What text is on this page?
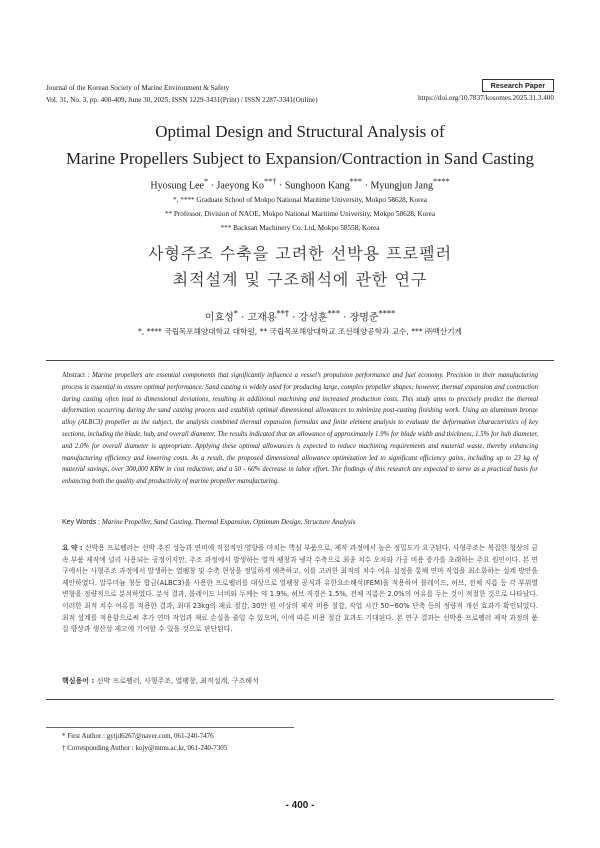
Journal of the Korean Society of Marine Environment & Safety
Vol. 31, No. 3, pp. 400-409, June 30, 2025, ISSN 1229-3431(Print) / ISSN 2287-3341(Online)
Research Paper
https://doi.org/10.7837/kosomes.2025.31.3.400
Optimal Design and Structural Analysis of
Marine Propellers Subject to Expansion/Contraction in Sand Casting
Hyosung Lee* · Jaeyong Ko**† · Sunghoon Kang*** · Myungjun Jang****
*, **** Graduate School of Mokpo National Maritime University, Mokpo 58628, Korea
** Professor, Division of NAOE, Mokpo National Maritime University, Mokpo 58628, Korea
*** Backsan Machinery Co. Ltd, Mokpo 58558, Korea
사형주조 수축을 고려한 선박용 프로펠러
최적설계 및 구조해석에 관한 연구
이효성* · 고재용**† · 강성훈*** · 장명준****
*, **** 국립목포해양대학교 대학원, ** 국립목포해양대학교 조선해양공학과 교수, *** ㈜백산기계
Abstract : Marine propellers are essential components that significantly influence a vessel’s propulsion performance and fuel economy. Precision in their manufacturing process is essential to ensure optimal performance. Sand casting is widely used for producing large, complex propeller shapes; however, thermal expansion and contraction during casting often lead to dimensional deviations, resulting in additional machining and increased production costs. This study aims to precisely predict the thermal deformation occurring during the sand casting process and establish optimal dimensional allowances to minimize post-casting finishing work. Using an aluminum bronze alloy (ALBC3) propeller as the subject, the analysis combined thermal expansion formulas and finite element analysis to evaluate the deformation characteristics of key sections, including the blade, hub, and overall diameter. The results indicated that an allowance of approximately 1.9% for blade width and thickness, 1.5% for hub diameter, and 2.0% for overall diameter is appropriate. Applying these optimal allowances is expected to reduce machining requirements and material waste, thereby enhancing manufacturing efficiency and lowering costs. As a result, the proposed dimensional allowance optimization led to significant efficiency gains, including up to 23 kg of material savings, over 300,000 KRW in cost reduction, and a 50 - 60% decrease in labor effort. The findings of this research are expected to serve as a practical basis for enhancing both the quality and productivity of marine propeller manufacturing.
Key Words : Marine Propeller, Sand Casting, Thermal Expansion, Optimum Design, Structure Analysis
요 약 : 선박용 프로펠러는 선박 추진 성능과 연비에 직접적인 영향을 미치는 핵심 부품으로, 제작 과정에서 높은 정밀도가 요구된다. 사형주조는 복잡한 형상의 금속 부품 제작에 널리 사용되는 공정이지만, 주조 과정에서 발생하는 열적 팽창과 냉각 수축으로 최종 치수 오차와 가공 비용 증가를 초래하는 주요 원인이다. 본 연구에서는 사형주조 과정에서 발생하는 열팽창 및 수축 현상을 정밀하게 예측하고, 이를 고려한 최적의 치수 여유 설정을 통해 연마 작업을 최소화하는 설계 방안을 제안하였다. 알루미늄 청동 합금(ALBC3)을 사용한 프로펠러를 대상으로 열팽창 공식과 유한요소해석(FEM)을 적용하여 블레이드, 허브, 전체 지름 등 각 부위별 변형을 정량적으로 분석하였다. 분석 결과, 블레이드 너비와 두께는 약 1.9%, 허브 직경은 1.5%, 전체 지름은 2.0%의 여유를 두는 것이 적절한 것으로 나타났다. 이러한 최적 치수 여유를 적용한 결과, 최대 23kg의 재료 절감, 30만 원 이상의 제작 비용 절감, 작업 시간 50~60% 단축 등의 정량적 개선 효과가 확인되었다. 최적 설계를 적용함으로써 추가 연마 작업과 재료 손실을 줄일 수 있으며, 이에 따른 비용 절감 효과도 기대된다. 본 연구 결과는 선박용 프로펠러 제작 과정의 품질 향상과 생산성 제고에 기여할 수 있을 것으로 판단된다.
핵심용어 : 선박 프로펠러, 사형주조, 열팽창, 최적설계, 구조해석
* First Author : gytjd6267@naver.com, 061-240-7476
† Corresponding Author : kojy@mmu.ac.kr, 061-240-7305
- 400 -
